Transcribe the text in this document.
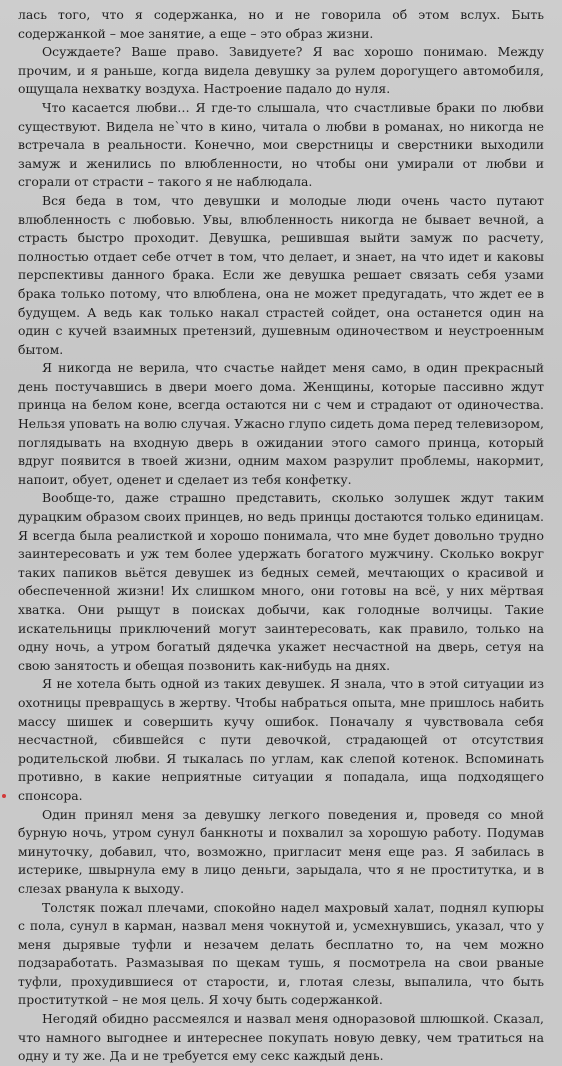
лась того, что я содержанка, но и не говорила об этом вслух. Быть содержанкой – мое занятие, а еще – это образ жизни.

Осуждаете? Ваше право. Завидуете? Я вас хорошо понимаю. Между прочим, и я раньше, когда видела девушку за рулем дорогущего автомобиля, ощущала нехватку воздуха. Настроение падало до нуля.

Что касается любви… Я где-то слышала, что счастливые браки по любви существуют. Видела не`что в кино, читала о любви в романах, но никогда не встречала в реальности. Конечно, мои сверстницы и сверстники выходили замуж и женились по влюбленности, но чтобы они умирали от любви и сгорали от страсти – такого я не наблюдала.

Вся беда в том, что девушки и молодые люди очень часто путают влюбленность с любовью. Увы, влюбленность никогда не бывает вечной, а страсть быстро проходит. Девушка, решившая выйти замуж по расчету, полностью отдает себе отчет в том, что делает, и знает, на что идет и каковы перспективы данного брака. Если же девушка решает связать себя узами брака только потому, что влюблена, она не может предугадать, что ждет ее в будущем. А ведь как только накал страстей сойдет, она останется один на один с кучей взаимных претензий, душевным одиночеством и неустроенным бытом.

Я никогда не верила, что счастье найдет меня само, в один прекрасный день постучавшись в двери моего дома. Женщины, которые пассивно ждут принца на белом коне, всегда остаются ни с чем и страдают от одиночества. Нельзя уповать на волю случая. Ужасно глупо сидеть дома перед телевизором, поглядывать на входную дверь в ожидании этого самого принца, который вдруг появится в твоей жизни, одним махом разрулит проблемы, накормит, напоит, обует, оденет и сделает из тебя конфетку.

Вообще-то, даже страшно представить, сколько золушек ждут таким дурацким образом своих принцев, но ведь принцы достаются только единицам. Я всегда была реалисткой и хорошо понимала, что мне будет довольно трудно заинтересовать и уж тем более удержать богатого мужчину. Сколько вокруг таких папиков вьётся девушек из бедных семей, мечтающих о красивой и обеспеченной жизни! Их слишком много, они готовы на всё, у них мёртвая хватка. Они рыщут в поисках добычи, как голодные волчицы. Такие искательницы приключений могут заинтересовать, как правило, только на одну ночь, а утром богатый дядечка укажет несчастной на дверь, сетуя на свою занятость и обещая позвонить как-нибудь на днях.

Я не хотела быть одной из таких девушек. Я знала, что в этой ситуации из охотницы превращусь в жертву. Чтобы набраться опыта, мне пришлось набить массу шишек и совершить кучу ошибок. Поначалу я чувствовала себя несчастной, сбившейся с пути девочкой, страдающей от отсутствия родительской любви. Я тыкалась по углам, как слепой котенок. Вспоминать противно, в какие неприятные ситуации я попадала, ища подходящего спонсора.

Один принял меня за девушку легкого поведения и, проведя со мной бурную ночь, утром сунул банкноты и похвалил за хорошую работу. Подумав минуточку, добавил, что, возможно, пригласит меня еще раз. Я забилась в истерике, швырнула ему в лицо деньги, зарыдала, что я не проститутка, и в слезах рванула к выходу.

Толстяк пожал плечами, спокойно надел махровый халат, поднял купюры с пола, сунул в карман, назвал меня чокнутой и, усмехнувшись, указал, что у меня дырявые туфли и незачем делать бесплатно то, на чем можно подзаработать. Размазывая по щекам тушь, я посмотрела на свои рваные туфли, прохудившиеся от старости, и, глотая слезы, выпалила, что быть проституткой – не моя цель. Я хочу быть содержанкой.

Негодяй обидно рассмеялся и назвал меня одноразовой шлюшкой. Сказал, что намного выгоднее и интереснее покупать новую девку, чем тратиться на одну и ту же. Да и не требуется ему секс каждый день.
